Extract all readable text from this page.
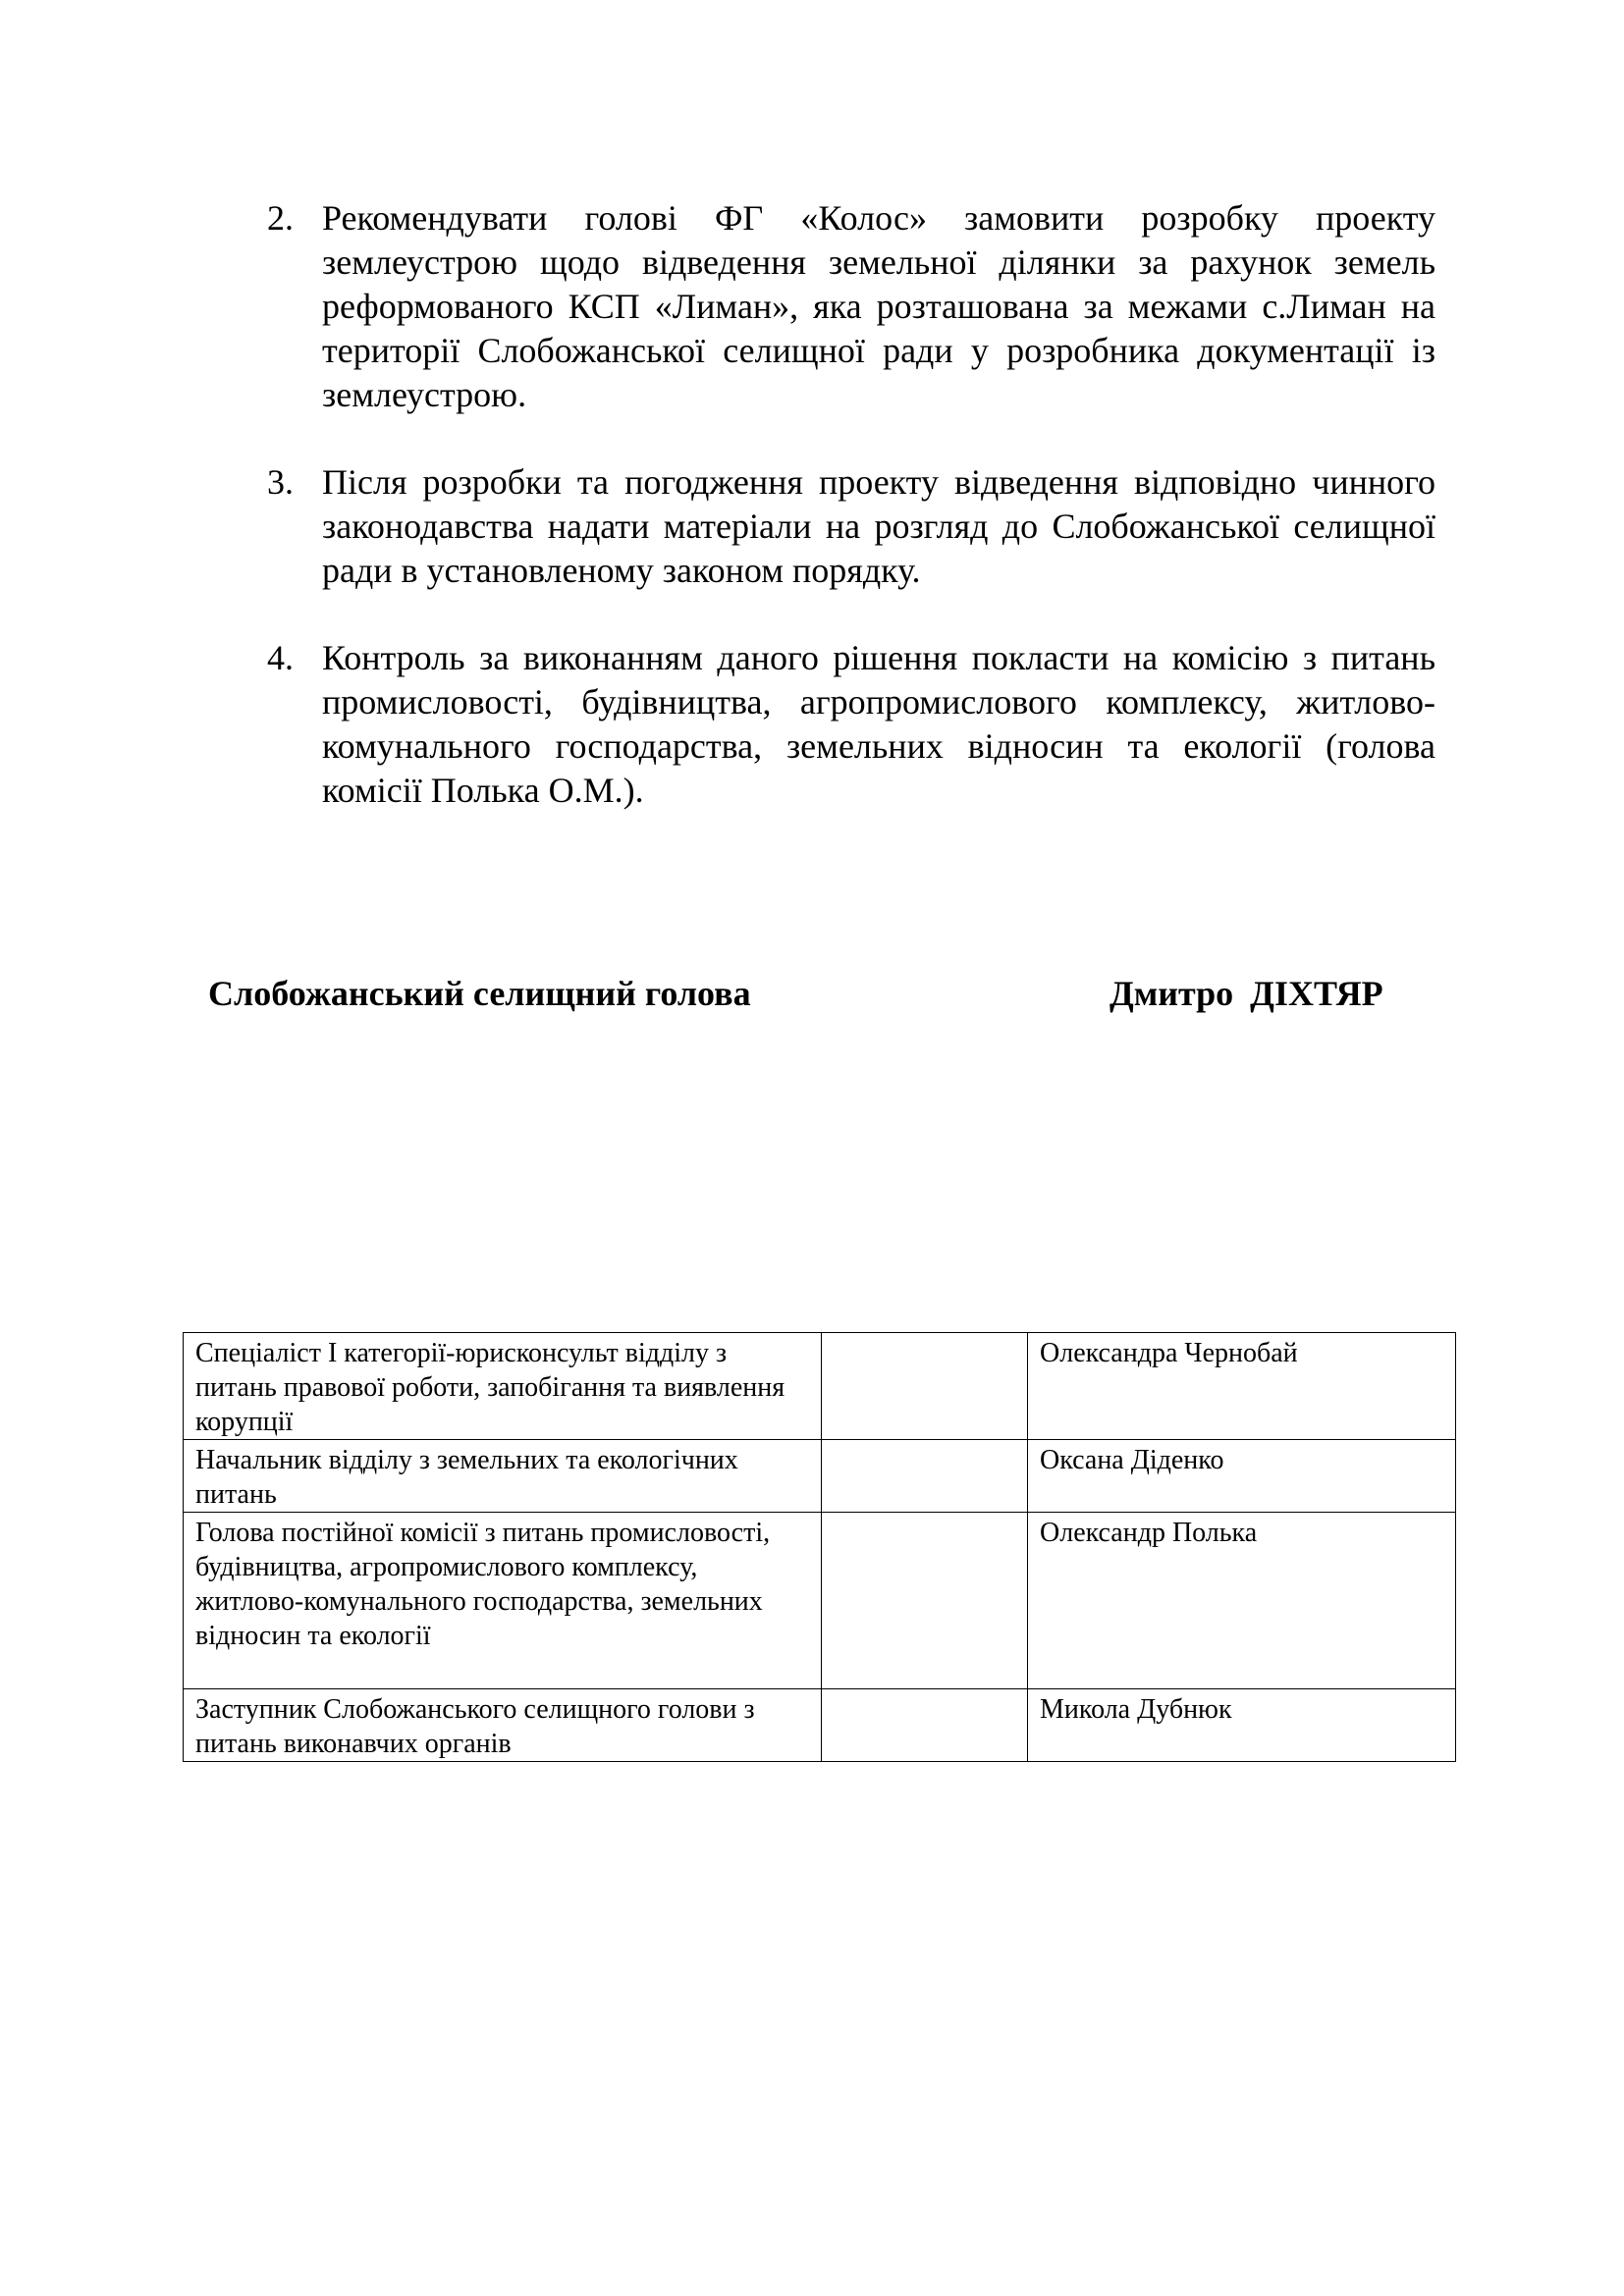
2. Рекомендувати голові ФГ «Колос» замовити розробку проекту землеустрою щодо відведення земельної ділянки за рахунок земель реформованого КСП «Лиман», яка розташована за межами с.Лиман на території Слобожанської селищної ради у розробника документації із землеустрою.
3. Після розробки та погодження проекту відведення відповідно чинного законодавства надати матеріали на розгляд до Слобожанської селищної ради в установленому законом порядку.
4. Контроль за виконанням даного рішення покласти на комісію з питань промисловості, будівництва, агропромислового комплексу, житлово-комунального господарства, земельних відносин та екології (голова комісії Полька О.М.).
Слобожанський селищний голова	Дмитро ДІХТЯР
Спеціаліст І категорії-юрисконсульт відділу з питань правової роботи, запобігання та виявлення корупції		Олександра Чернобай
Начальник відділу з земельних та екологічних питань		Оксана Діденко
Голова постійної комісії з питань промисловості, будівництва, агропромислового комплексу, житлово-комунального господарства, земельних відносин та екології		Олександр Полька
Заступник Слобожанського селищного голови з питань виконавчих органів		Микола Дубнюк
